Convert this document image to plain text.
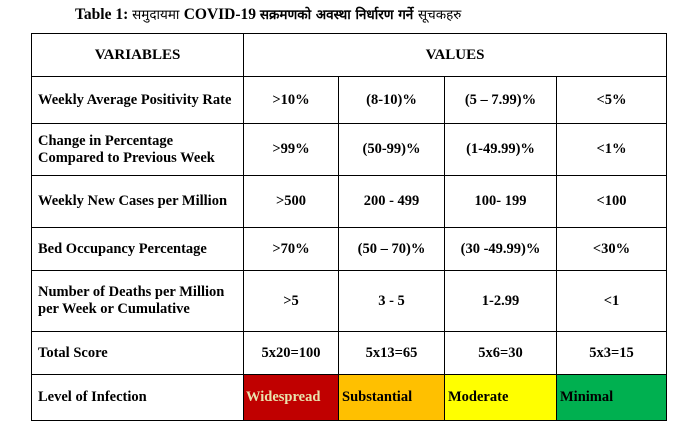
Table 1: समुदायमा COVID-19 सक्रमणको अवस्था निर्धारण गर्ने सूचकहरु
VARIABLES	VALUES			
Weekly Average Positivity Rate	>10%	(8-10)%	(5 – 7.99)%	<5%
Change in Percentage Compared to Previous Week	>99%	(50-99)%	(1-49.99)%	<1%
Weekly New Cases per Million	>500	200 - 499	100- 199	<100
Bed Occupancy Percentage	>70%	(50 – 70)%	(30 -49.99)%	<30%
Number of Deaths per Million per Week or Cumulative	>5	3 - 5	1-2.99	<1
Total Score	5x20=100	5x13=65	5x6=30	5x3=15
Level of Infection	Widespread	Substantial	Moderate	Minimal
